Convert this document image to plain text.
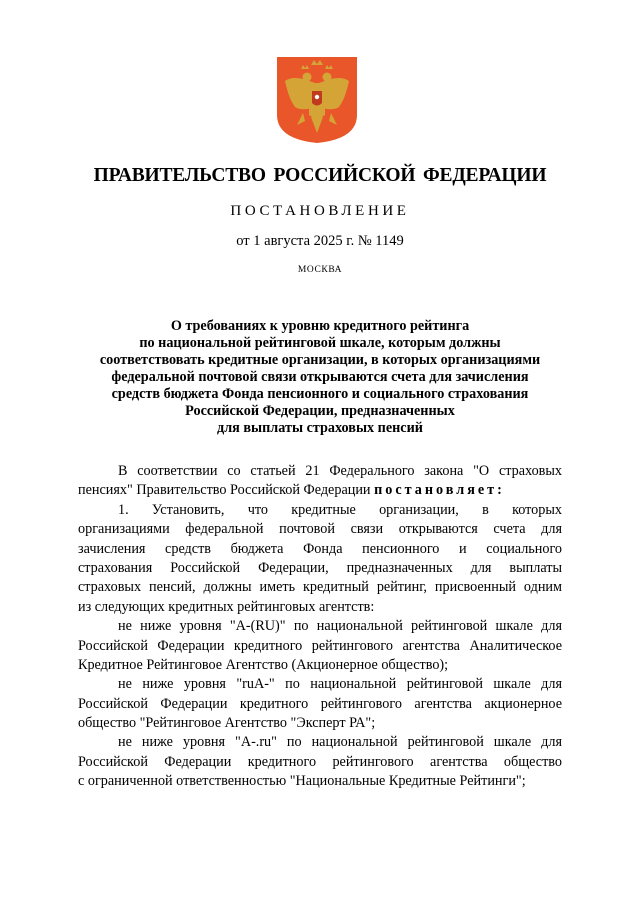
ПРАВИТЕЛЬСТВО РОССИЙСКОЙ ФЕДЕРАЦИИ
ПОСТАНОВЛЕНИЕ
от 1 августа 2025 г. № 1149
МОСКВА
О требованиях к уровню кредитного рейтинга
по национальной рейтинговой шкале, которым должны
соответствовать кредитные организации, в которых организациями
федеральной почтовой связи открываются счета для зачисления
средств бюджета Фонда пенсионного и социального страхования
Российской Федерации, предназначенных
для выплаты страховых пенсий
В соответствии со статьей 21 Федерального закона "О страховых
пенсиях" Правительство Российской Федерации постановляет:
1. Установить, что кредитные организации, в которых
организациями федеральной почтовой связи открываются счета для
зачисления средств бюджета Фонда пенсионного и социального
страхования Российской Федерации, предназначенных для выплаты
страховых пенсий, должны иметь кредитный рейтинг, присвоенный одним
из следующих кредитных рейтинговых агентств:
не ниже уровня "A-(RU)" по национальной рейтинговой шкале для
Российской Федерации кредитного рейтингового агентства Аналитическое
Кредитное Рейтинговое Агентство (Акционерное общество);
не ниже уровня "ruA-" по национальной рейтинговой шкале для
Российской Федерации кредитного рейтингового агентства акционерное
общество "Рейтинговое Агентство "Эксперт РА";
не ниже уровня "A-.ru" по национальной рейтинговой шкале для
Российской Федерации кредитного рейтингового агентства общество
с ограниченной ответственностью "Национальные Кредитные Рейтинги";
